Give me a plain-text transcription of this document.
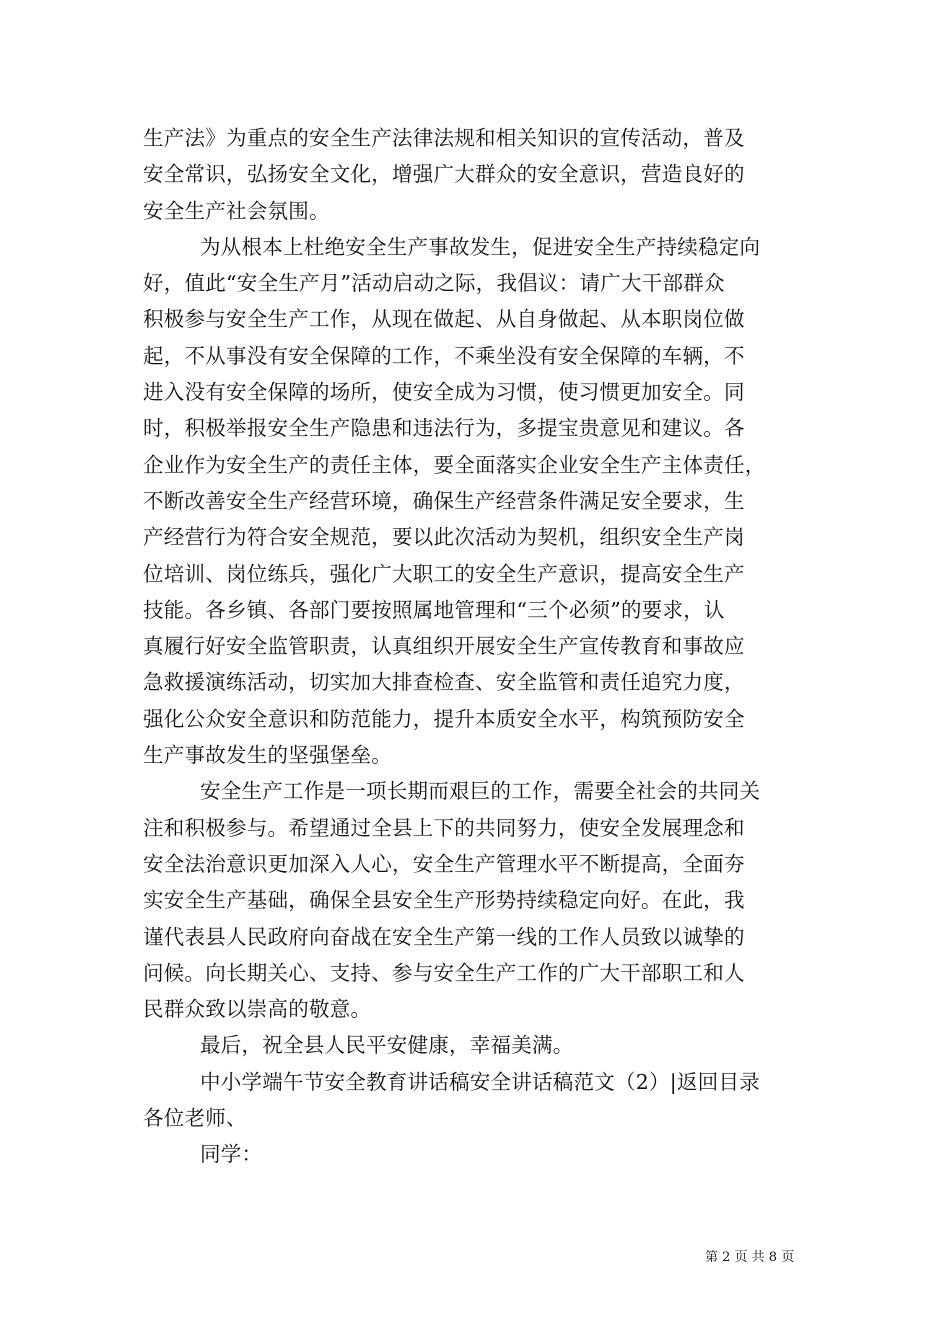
生产法》为重点的安全生产法律法规和相关知识的宣传活动，普及
安全常识，弘扬安全文化，增强广大群众的安全意识，营造良好的
安全生产社会氛围。
为从根本上杜绝安全生产事故发生，促进安全生产持续稳定向
好，值此“安全生产月”活动启动之际，我倡议：请广大干部群众
积极参与安全生产工作，从现在做起、从自身做起、从本职岗位做
起，不从事没有安全保障的工作，不乘坐没有安全保障的车辆，不
进入没有安全保障的场所，使安全成为习惯，使习惯更加安全。同
时，积极举报安全生产隐患和违法行为，多提宝贵意见和建议。各
企业作为安全生产的责任主体，要全面落实企业安全生产主体责任，
不断改善安全生产经营环境，确保生产经营条件满足安全要求，生
产经营行为符合安全规范，要以此次活动为契机，组织安全生产岗
位培训、岗位练兵，强化广大职工的安全生产意识，提高安全生产
技能。各乡镇、各部门要按照属地管理和“三个必须”的要求，认
真履行好安全监管职责，认真组织开展安全生产宣传教育和事故应
急救援演练活动，切实加大排查检查、安全监管和责任追究力度，
强化公众安全意识和防范能力，提升本质安全水平，构筑预防安全
生产事故发生的坚强堡垒。
安全生产工作是一项长期而艰巨的工作，需要全社会的共同关
注和积极参与。希望通过全县上下的共同努力，使安全发展理念和
安全法治意识更加深入人心，安全生产管理水平不断提高，全面夯
实安全生产基础，确保全县安全生产形势持续稳定向好。在此，我
谨代表县人民政府向奋战在安全生产第一线的工作人员致以诚挚的
问候。向长期关心、支持、参与安全生产工作的广大干部职工和人
民群众致以崇高的敬意。
最后，祝全县人民平安健康，幸福美满。
中小学端午节安全教育讲话稿安全讲话稿范文（2）|返回目录
各位老师、
同学：
第 2 页 共 8 页
